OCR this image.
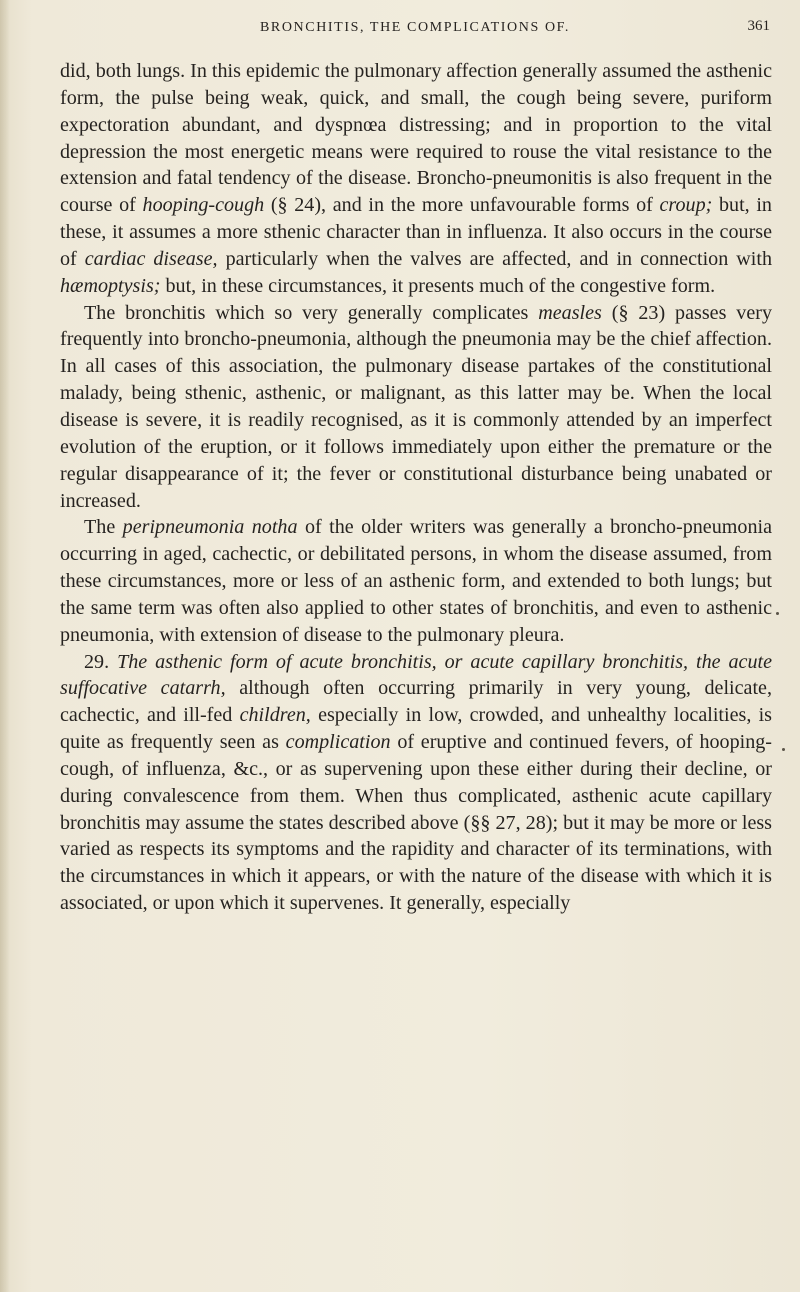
BRONCHITIS, THE COMPLICATIONS OF.	361

did, both lungs. In this epidemic the pulmonary affection generally assumed the asthenic form, the pulse being weak, quick, and small, the cough being severe, puriform expectoration abundant, and dyspnœa distressing; and in proportion to the vital depression the most energetic means were required to rouse the vital resistance to the extension and fatal tendency of the disease. Broncho-pneumonitis is also frequent in the course of hooping-cough (§ 24), and in the more unfavourable forms of croup; but, in these, it assumes a more sthenic character than in influenza. It also occurs in the course of cardiac disease, particularly when the valves are affected, and in connection with hæmoptysis; but, in these circumstances, it presents much of the congestive form.

The bronchitis which so very generally complicates measles (§ 23) passes very frequently into broncho-pneumonia, although the pneumonia may be the chief affection. In all cases of this association, the pulmonary disease partakes of the constitutional malady, being sthenic, asthenic, or malignant, as this latter may be. When the local disease is severe, it is readily recognised, as it is commonly attended by an imperfect evolution of the eruption, or it follows immediately upon either the premature or the regular disappearance of it; the fever or constitutional disturbance being unabated or increased.

The peripneumonia notha of the older writers was generally a broncho-pneumonia occurring in aged, cachectic, or debilitated persons, in whom the disease assumed, from these circumstances, more or less of an asthenic form, and extended to both lungs; but the same term was often also applied to other states of bronchitis, and even to asthenic pneumonia, with extension of disease to the pulmonary pleura.

29. The asthenic form of acute bronchitis, or acute capillary bronchitis, the acute suffocative catarrh, although often occurring primarily in very young, delicate, cachectic, and ill-fed children, especially in low, crowded, and unhealthy localities, is quite as frequently seen as complication of eruptive and continued fevers, of hooping-cough, of influenza, &c., or as supervening upon these either during their decline, or during convalescence from them. When thus complicated, asthenic acute capillary bronchitis may assume the states described above (§§ 27, 28); but it may be more or less varied as respects its symptoms and the rapidity and character of its terminations, with the circumstances in which it appears, or with the nature of the disease with which it is associated, or upon which it supervenes. It generally, especially
